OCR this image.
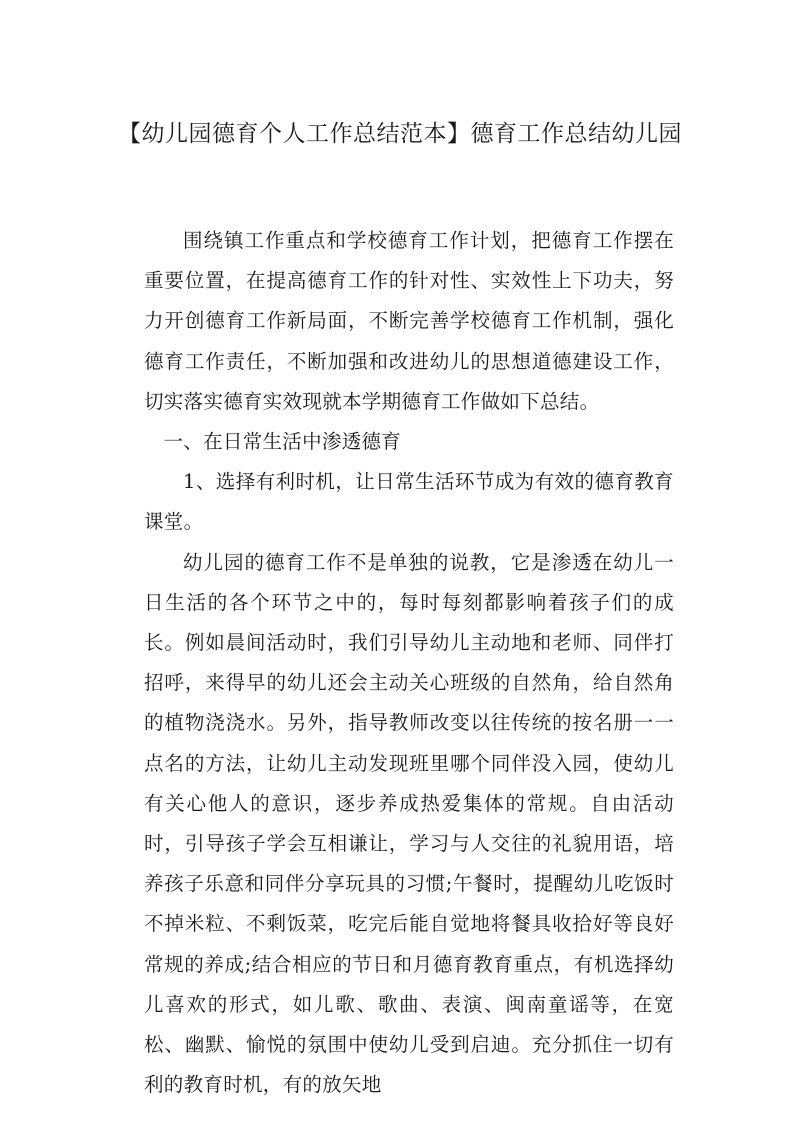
【幼儿园德育个人工作总结范本】德育工作总结幼儿园

围绕镇工作重点和学校德育工作计划，把德育工作摆在重要位置，在提高德育工作的针对性、实效性上下功夫，努力开创德育工作新局面，不断完善学校德育工作机制，强化德育工作责任，不断加强和改进幼儿的思想道德建设工作，切实落实德育实效现就本学期德育工作做如下总结。

一、在日常生活中渗透德育

1、选择有利时机，让日常生活环节成为有效的德育教育课堂。

幼儿园的德育工作不是单独的说教，它是渗透在幼儿一日生活的各个环节之中的，每时每刻都影响着孩子们的成长。例如晨间活动时，我们引导幼儿主动地和老师、同伴打招呼，来得早的幼儿还会主动关心班级的自然角，给自然角的植物浇浇水。另外，指导教师改变以往传统的按名册一一点名的方法，让幼儿主动发现班里哪个同伴没入园，使幼儿有关心他人的意识，逐步养成热爱集体的常规。自由活动时，引导孩子学会互相谦让，学习与人交往的礼貌用语，培养孩子乐意和同伴分享玩具的习惯;午餐时，提醒幼儿吃饭时不掉米粒、不剩饭菜，吃完后能自觉地将餐具收拾好等良好常规的养成;结合相应的节日和月德育教育重点，有机选择幼儿喜欢的形式，如儿歌、歌曲、表演、闽南童谣等，在宽松、幽默、愉悦的氛围中使幼儿受到启迪。充分抓住一切有利的教育时机，有的放矢地
